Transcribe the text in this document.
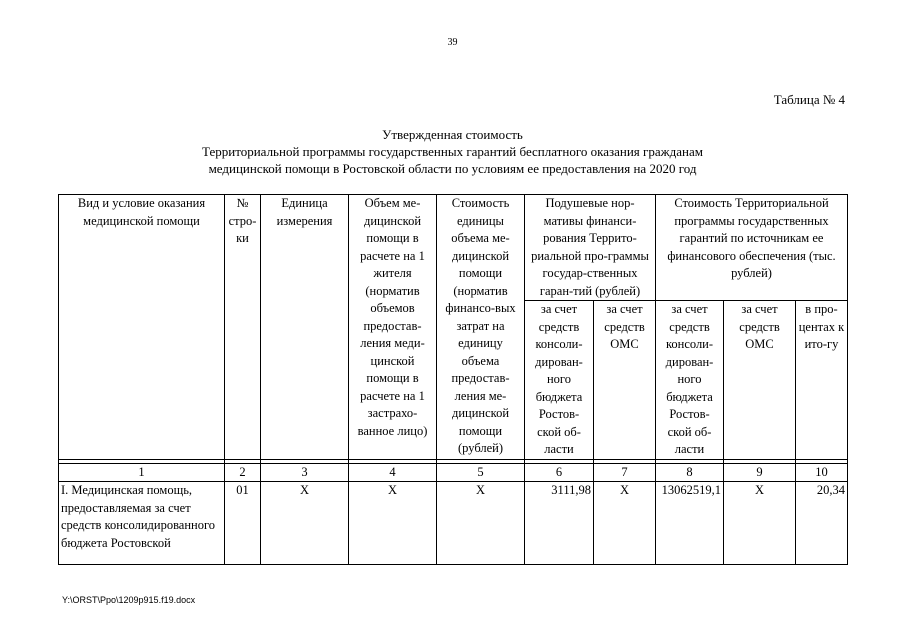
39
Таблица № 4
Утвержденная стоимость
Территориальной программы государственных гарантий бесплатного оказания гражданам
медицинской помощи в Ростовской области по условиям ее предоставления на 2020 год
Вид и условие оказания медицинской помощи	№ стро-ки	Единица измерения	Объем ме-дицинской помощи в расчете на 1 жителя (норматив объемов предостав-ления меди-цинской помощи в расчете на 1 застрахо-ванное лицо)	Стоимость единицы объема ме-дицинской помощи (норматив финансо-вых затрат на единицу объема предостав-ления ме-дицинской помощи (рублей)	Подушевые нор-мативы финанси-рования Террито-риальной про-граммы государ-ственных гаран-тий (рублей)		Стоимость Территориальной программы государственных гарантий по источникам ее финансового обеспечения (тыс. рублей)		
					за счет средств консоли-дирован-ного бюджета Ростов-ской об-ласти	за счет средств ОМС	за счет средств консоли-дирован-ного бюджета Ростов-ской об-ласти	за счет средств ОМС	в про-центах к ито-гу

1	2	3	4	5	6	7	8	9	10
I. Медицинская помощь, предоставляемая за счет средств консолидированного бюджета Ростовской	01	X	X	X	3111,98	X	13062519,1	X	20,34
Y:\ORST\Ppo\1209p915.f19.docx
